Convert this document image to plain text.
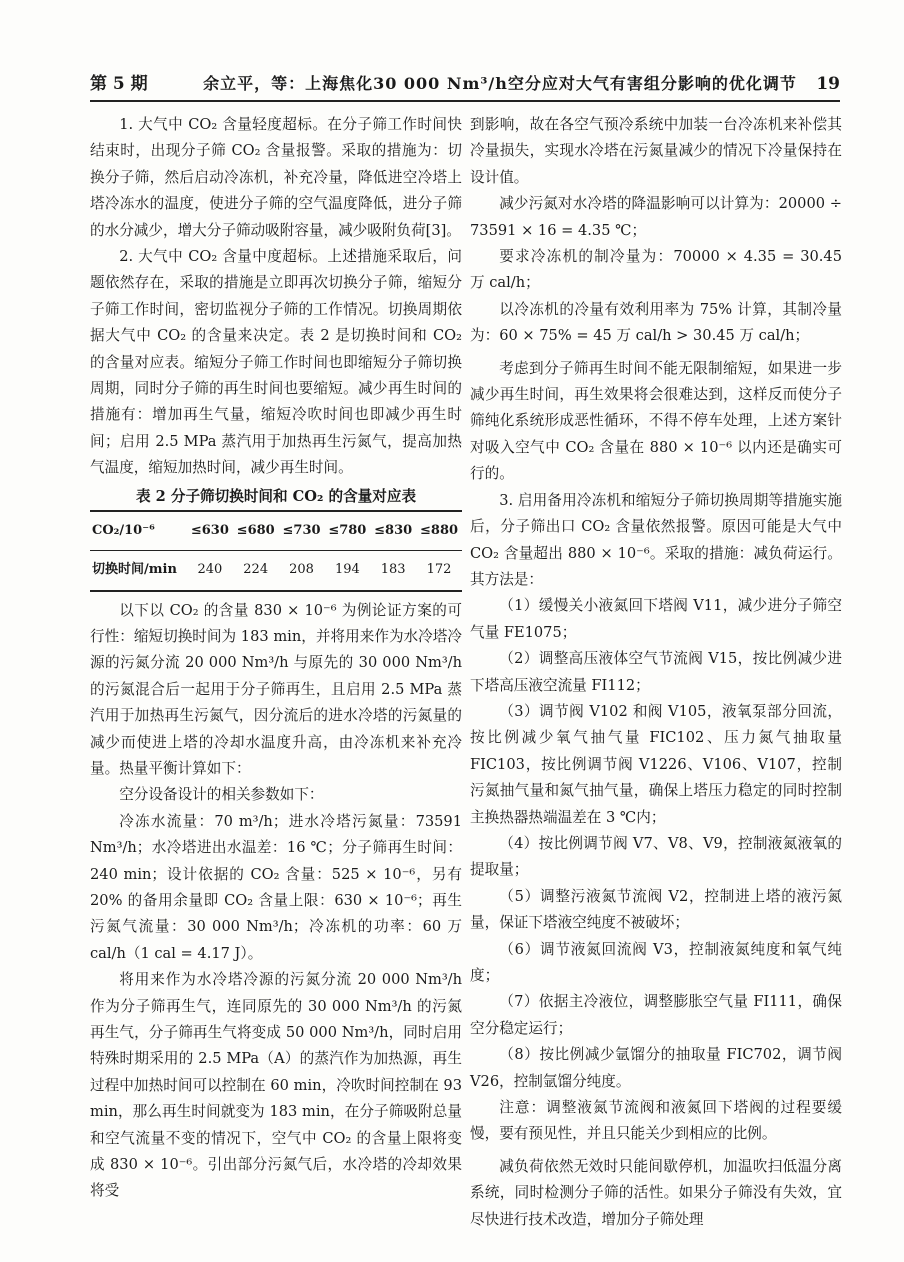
第 5 期	余立平，等：上海焦化30 000 Nm³/h空分应对大气有害组分影响的优化调节	19

1. 大气中 CO₂ 含量轻度超标。在分子筛工作时间快结束时，出现分子筛 CO₂ 含量报警。采取的措施为：切换分子筛，然后启动冷冻机，补充冷量，降低进空冷塔上塔冷冻水的温度，使进分子筛的空气温度降低，进分子筛的水分减少，增大分子筛动吸附容量，减少吸附负荷[3]。

2. 大气中 CO₂ 含量中度超标。上述措施采取后，问题依然存在，采取的措施是立即再次切换分子筛，缩短分子筛工作时间，密切监视分子筛的工作情况。切换周期依据大气中 CO₂ 的含量来决定。表 2 是切换时间和 CO₂ 的含量对应表。缩短分子筛工作时间也即缩短分子筛切换周期，同时分子筛的再生时间也要缩短。减少再生时间的措施有：增加再生气量，缩短冷吹时间也即减少再生时间；启用 2.5 MPa 蒸汽用于加热再生污氮气，提高加热气温度，缩短加热时间，减少再生时间。

表 2 分子筛切换时间和 CO₂ 的含量对应表
CO₂/10⁻⁶	≤630	≤680	≤730	≤780	≤830	≤880
切换时间/min	240	224	208	194	183	172

以下以 CO₂ 的含量 830 × 10⁻⁶ 为例论证方案的可行性：缩短切换时间为 183 min，并将用来作为水冷塔冷源的污氮分流 20 000 Nm³/h 与原先的 30 000 Nm³/h 的污氮混合后一起用于分子筛再生，且启用 2.5 MPa 蒸汽用于加热再生污氮气，因分流后的进水冷塔的污氮量的减少而使进上塔的冷却水温度升高，由冷冻机来补充冷量。热量平衡计算如下：

空分设备设计的相关参数如下：

冷冻水流量：70 m³/h；进水冷塔污氮量：73591 Nm³/h；水冷塔进出水温差：16 ℃；分子筛再生时间：240 min；设计依据的 CO₂ 含量：525 × 10⁻⁶，另有 20% 的备用余量即 CO₂ 含量上限：630 × 10⁻⁶；再生污氮气流量：30 000 Nm³/h；冷冻机的功率：60 万 cal/h（1 cal = 4.17 J）。

将用来作为水冷塔冷源的污氮分流 20 000 Nm³/h 作为分子筛再生气，连同原先的 30 000 Nm³/h 的污氮再生气，分子筛再生气将变成 50 000 Nm³/h，同时启用特殊时期采用的 2.5 MPa（A）的蒸汽作为加热源，再生过程中加热时间可以控制在 60 min，冷吹时间控制在 93 min，那么再生时间就变为 183 min，在分子筛吸附总量和空气流量不变的情况下，空气中 CO₂ 的含量上限将变成 830 × 10⁻⁶。引出部分污氮气后，水冷塔的冷却效果将受

到影响，故在各空气预冷系统中加装一台冷冻机来补偿其冷量损失，实现水冷塔在污氮量减少的情况下冷量保持在设计值。

减少污氮对水冷塔的降温影响可以计算为：20000 ÷ 73591 × 16 = 4.35 ℃；

要求冷冻机的制冷量为：70000 × 4.35 = 30.45 万 cal/h；

以冷冻机的冷量有效利用率为 75% 计算，其制冷量为：60 × 75% = 45 万 cal/h > 30.45 万 cal/h；

考虑到分子筛再生时间不能无限制缩短，如果进一步减少再生时间，再生效果将会很难达到，这样反而使分子筛纯化系统形成恶性循环，不得不停车处理，上述方案针对吸入空气中 CO₂ 含量在 880 × 10⁻⁶ 以内还是确实可行的。

3. 启用备用冷冻机和缩短分子筛切换周期等措施实施后，分子筛出口 CO₂ 含量依然报警。原因可能是大气中 CO₂ 含量超出 880 × 10⁻⁶。采取的措施：减负荷运行。其方法是：

（1）缓慢关小液氮回下塔阀 V11，减少进分子筛空气量 FE1075；

（2）调整高压液体空气节流阀 V15，按比例减少进下塔高压液空流量 FI112；

（3）调节阀 V102 和阀 V105，液氧泵部分回流，按比例减少氧气抽气量 FIC102、压力氮气抽取量 FIC103，按比例调节阀 V1226、V106、V107，控制污氮抽气量和氮气抽气量，确保上塔压力稳定的同时控制主换热器热端温差在 3 ℃内；

（4）按比例调节阀 V7、V8、V9，控制液氮液氧的提取量；

（5）调整污液氮节流阀 V2，控制进上塔的液污氮量，保证下塔液空纯度不被破坏；

（6）调节液氮回流阀 V3，控制液氮纯度和氧气纯度；

（7）依据主冷液位，调整膨胀空气量 FI111，确保空分稳定运行；

（8）按比例减少氩馏分的抽取量 FIC702，调节阀 V26，控制氩馏分纯度。

注意：调整液氮节流阀和液氮回下塔阀的过程要缓慢，要有预见性，并且只能关少到相应的比例。

减负荷依然无效时只能间歇停机，加温吹扫低温分离系统，同时检测分子筛的活性。如果分子筛没有失效，宜尽快进行技术改造，增加分子筛处理
